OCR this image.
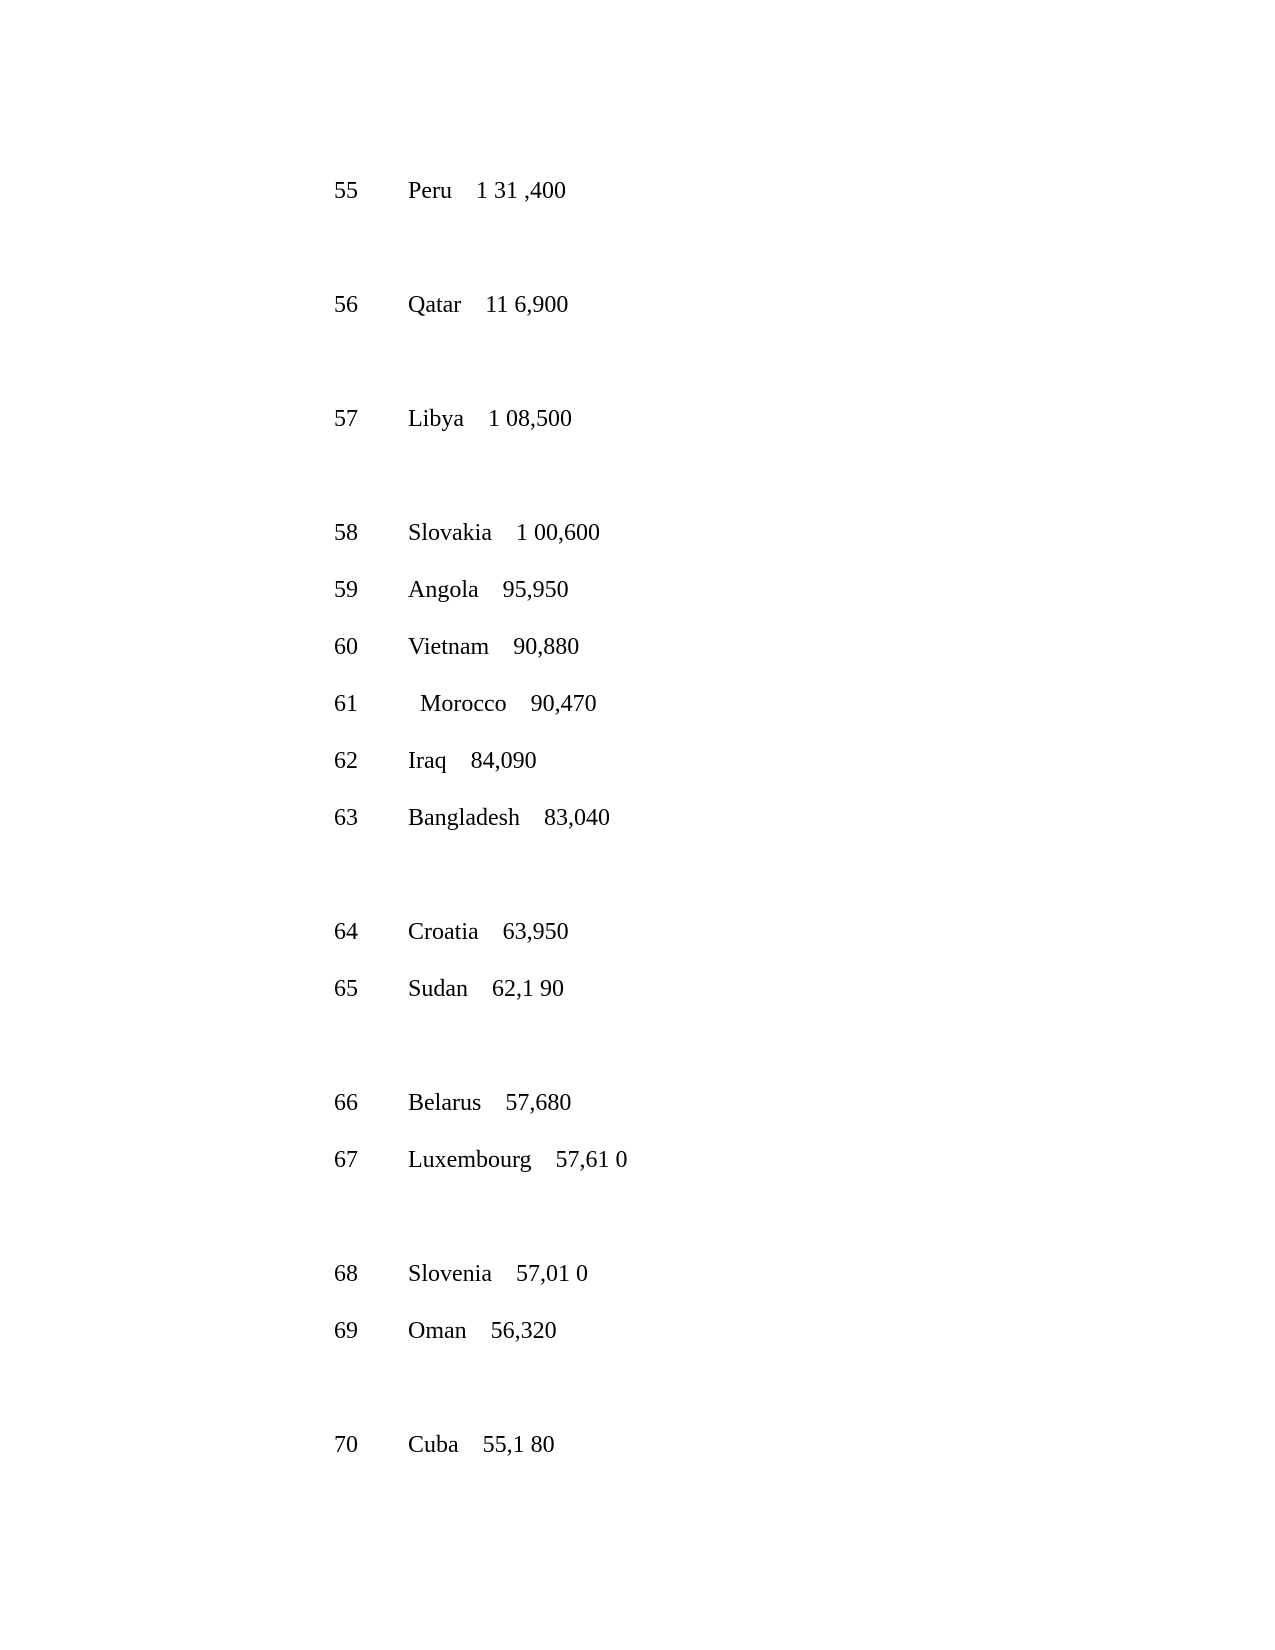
55

Peru    1 31 ,400

56

Qatar    11 6,900

57

Libya    1 08,500

58

Slovakia    1 00,600

59

Angola    95,950

60

Vietnam    90,880

61

	Morocco    90,470

62

Iraq    84,090

63

Bangladesh    83,040

64

Croatia    63,950

65

Sudan    62,1 90

66

Belarus    57,680

67

Luxembourg    57,61 0

68

Slovenia    57,01 0

69

Oman    56,320

70

Cuba    55,1 80
